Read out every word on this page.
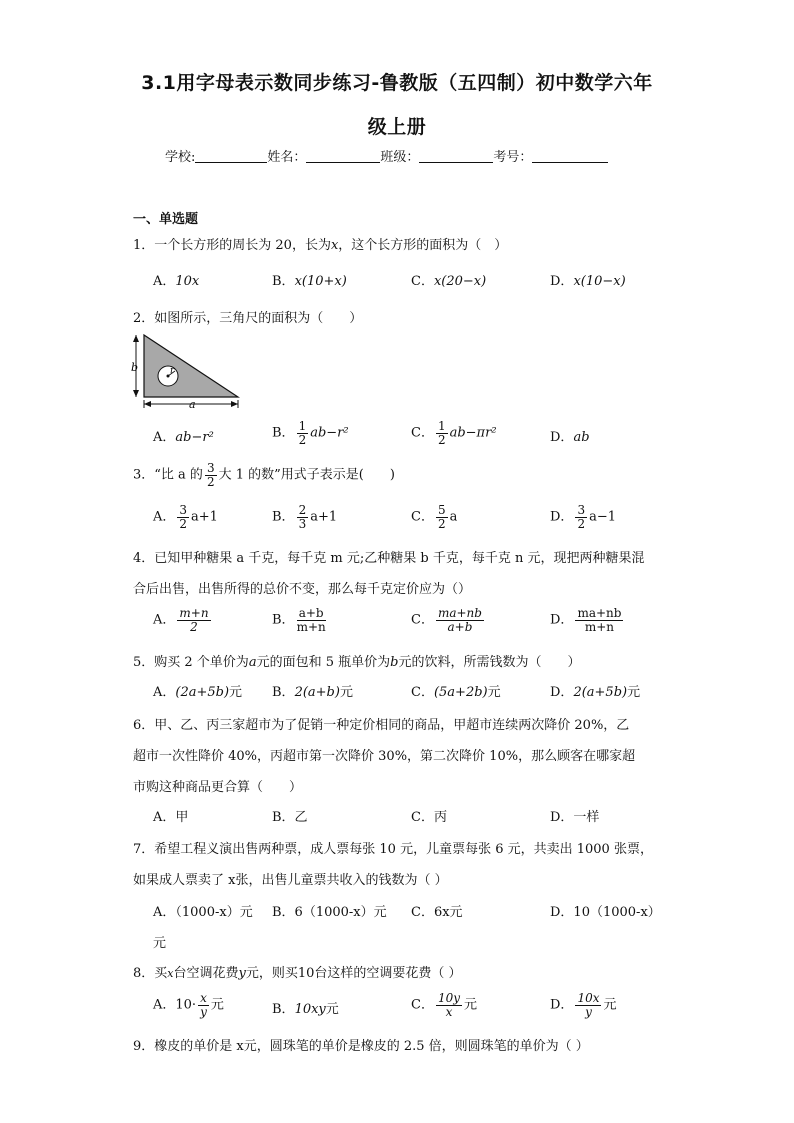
3.1用字母表示数同步练习-鲁教版（五四制）初中数学六年
级上册
学校:	姓名：	班级：	考号：
一、单选题
1．一个长方形的周长为 20，长为x，这个长方形的面积为（　）
A．10x	B．x(10+x)	C．x(20−x)	D．x(10−x)
2．如图所示，三角尺的面积为（　　）
b	r
a
A．ab−r²	B． $\frac{1}{2} ab-r^2$	C． $\frac{1}{2} ab-\pi r^2$	D．ab
3．“比 a 的 $\frac{3}{2}$ 大 1 的数”用式子表示是(　　)
A． $\frac{3}{2} a+1$	B． $\frac{2}{3} a+1$	C． $\frac{5}{2}$ a	D． $\frac{3}{2} a-1$
4．已知甲种糖果 a 千克，每千克 m 元;乙种糖果 b 千克，每千克 n 元，现把两种糖果混
合后出售，出售所得的总价不变，那么每千克定价应为（）
A． $\frac{m+n}{2}$	B． $\frac{a+b}{m+n}$	C． $\frac{ma+nb}{a+b}$	D． $\frac{ma+nb}{m+n}$
5．购买 2 个单价为a元的面包和 5 瓶单价为b元的饮料，所需钱数为（　　）
A．(2a+5b)元 B．2(a+b)元	C．(5a+2b)元	D．2(a+5b)元
6．甲、乙、丙三家超市为了促销一种定价相同的商品，甲超市连续两次降价 20%，乙
超市一次性降价 40%，丙超市第一次降价 30%，第二次降价 10%，那么顾客在哪家超
市购这种商品更合算（　　）
A．甲	B．乙	C．丙	D．一样
7．希望工程义演出售两种票，成人票每张 10 元，儿童票每张 6 元，共卖出 1000 张票，
如果成人票卖了 x张，出售儿童票共收入的钱数为（ ）
A．（1000-x）元 B．6（1000-x）元 C．6x元	D．10（1000-x）
元
8．买x台空调花费y元，则买10台这样的空调要花费（ ）
A．$10\cdot \frac{x}{y}$ 元	B．10xy元	C． $\frac{10y}{x}$ 元	D． $\frac{10x}{y}$ 元
9．橡皮的单价是 x元，圆珠笔的单价是橡皮的 2.5 倍，则圆珠笔的单价为（ ）
